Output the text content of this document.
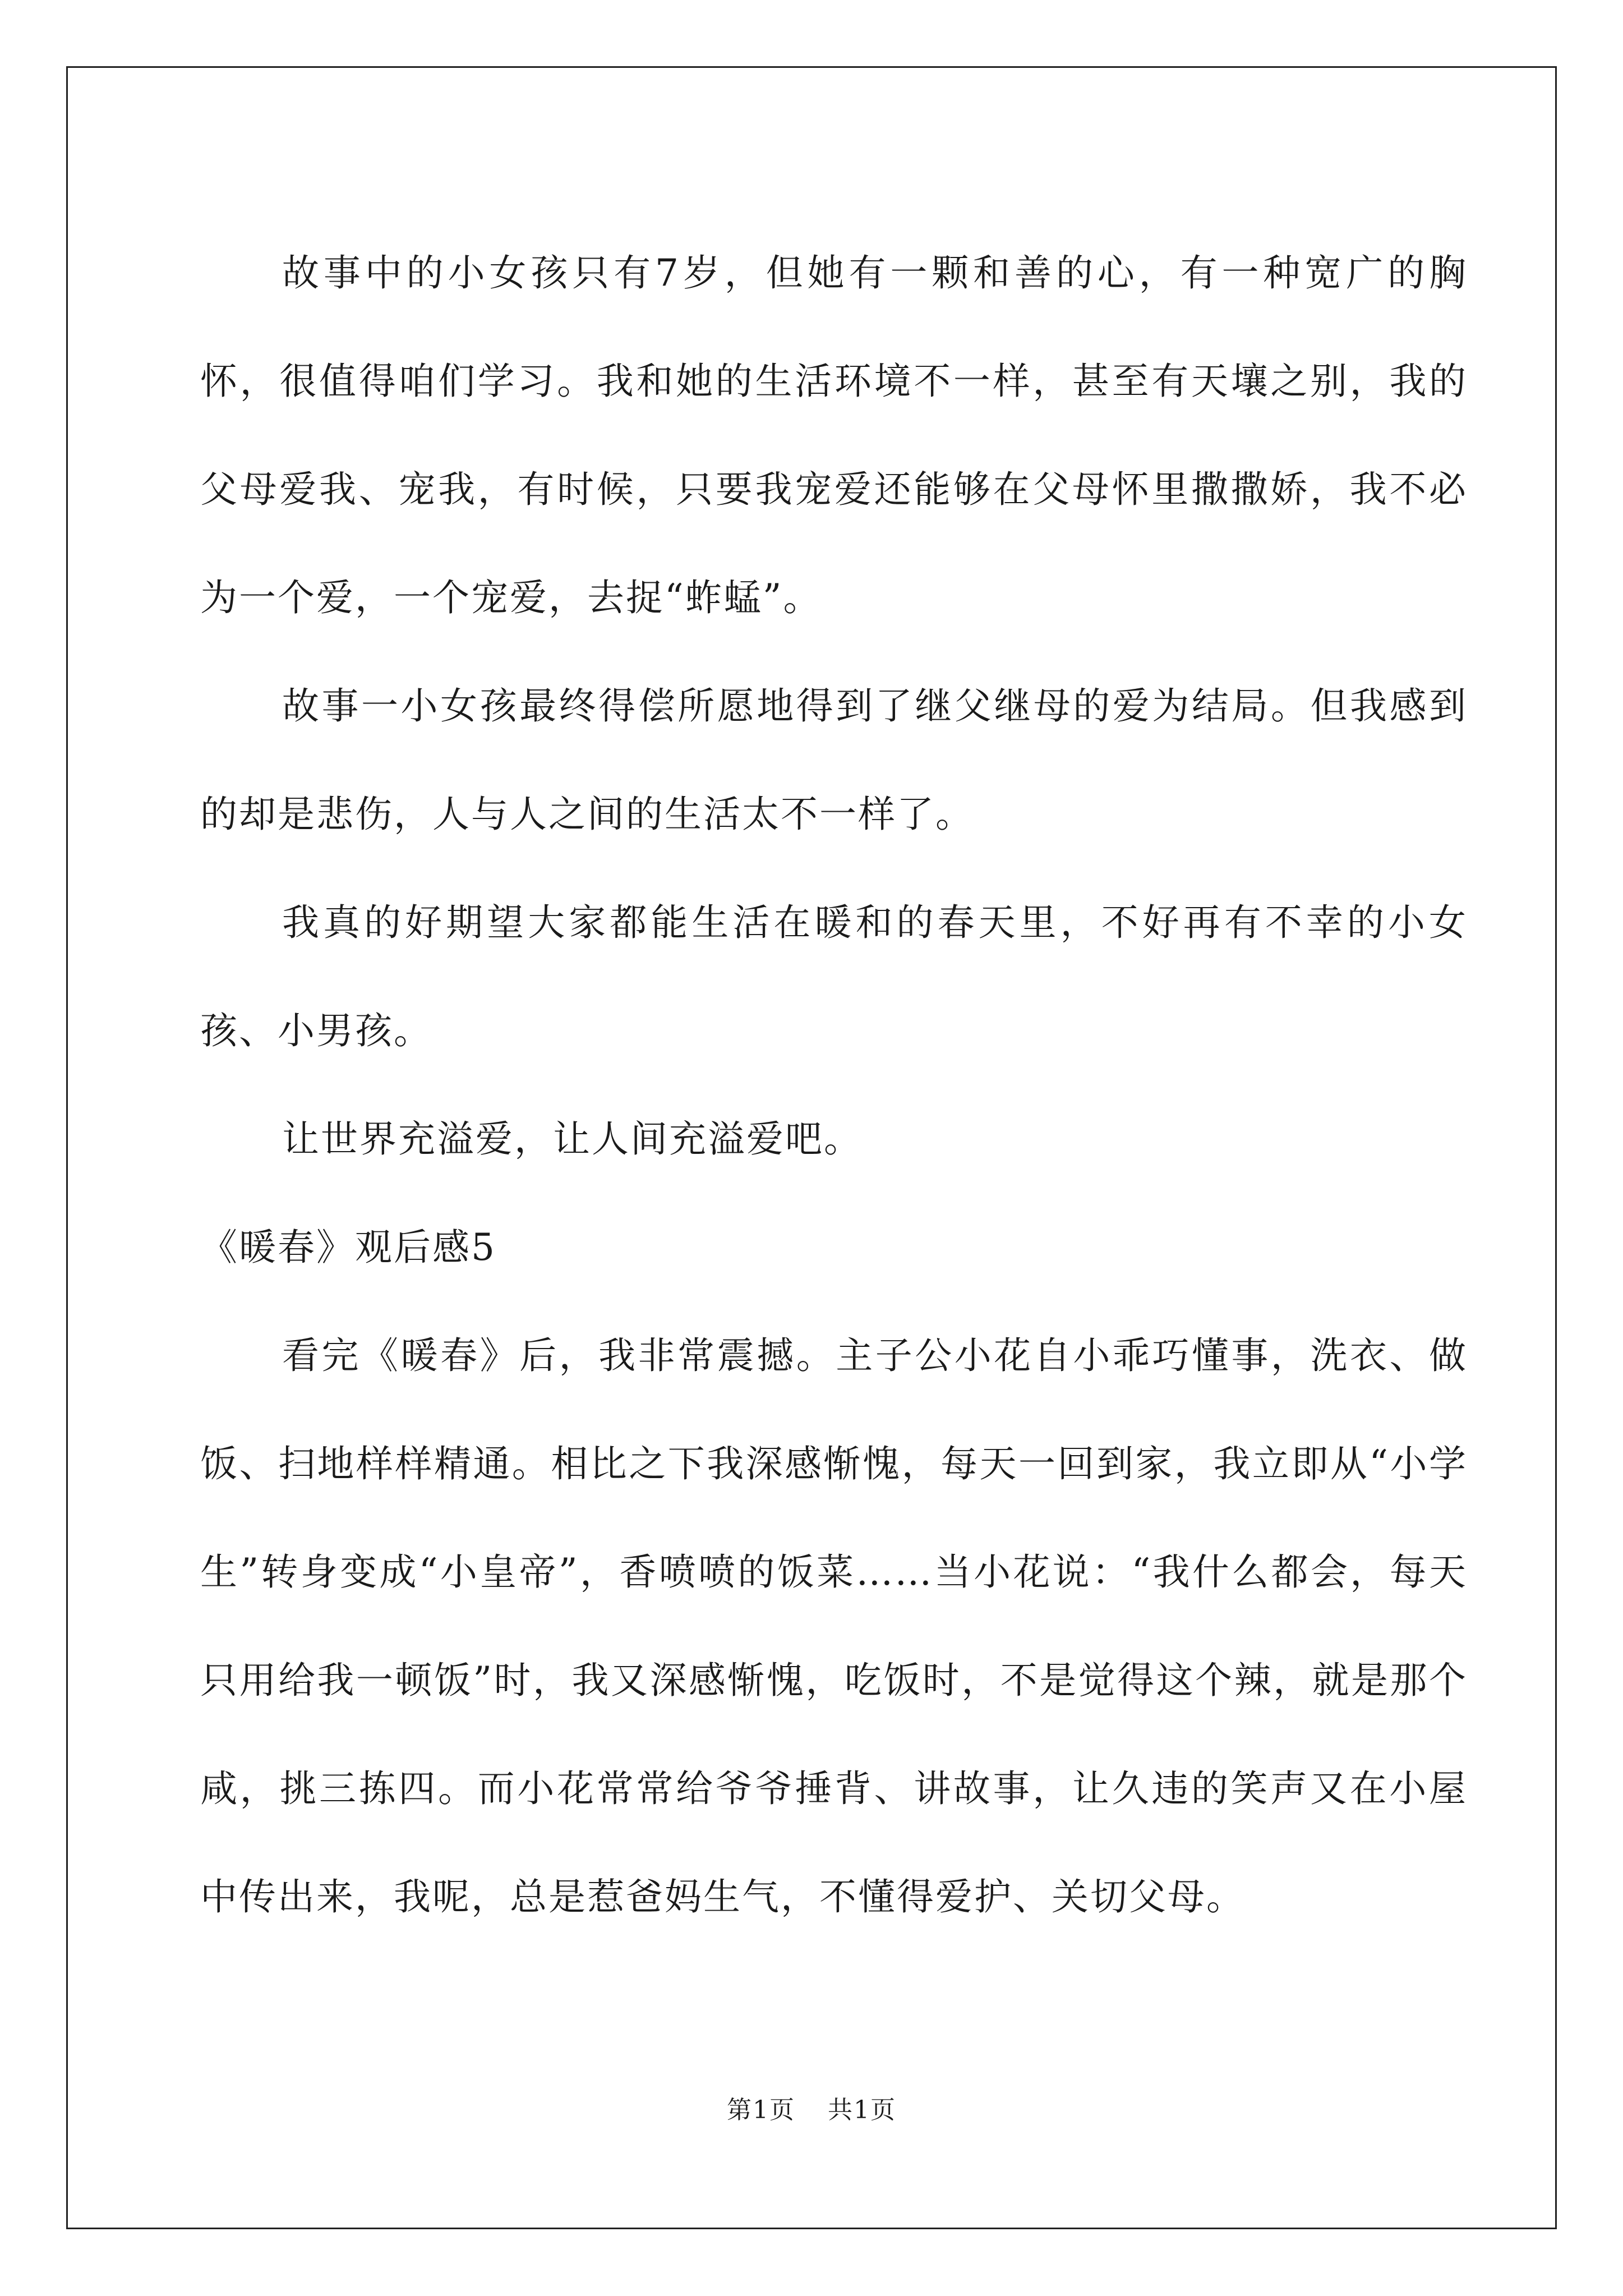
故事中的小女孩只有7岁，但她有一颗和善的心，有一种宽广的胸怀，很值得咱们学习。我和她的生活环境不一样，甚至有天壤之别，我的父母爱我、宠我，有时候，只要我宠爱还能够在父母怀里撒撒娇，我不必为一个爱，一个宠爱，去捉“蚱蜢”。

故事一小女孩最终得偿所愿地得到了继父继母的爱为结局。但我感到的却是悲伤，人与人之间的生活太不一样了。

我真的好期望大家都能生活在暖和的春天里，不好再有不幸的小女孩、小男孩。

让世界充溢爱，让人间充溢爱吧。

《暖春》观后感5

看完《暖春》后，我非常震撼。主子公小花自小乖巧懂事，洗衣、做饭、扫地样样精通。相比之下我深感惭愧，每天一回到家，我立即从“小学生”转身变成“小皇帝”，香喷喷的饭菜……当小花说：“我什么都会，每天只用给我一顿饭”时，我又深感惭愧，吃饭时，不是觉得这个辣，就是那个咸，挑三拣四。而小花常常给爷爷捶背、讲故事，让久违的笑声又在小屋中传出来，我呢，总是惹爸妈生气，不懂得爱护、关切父母。

第1页 共1页
